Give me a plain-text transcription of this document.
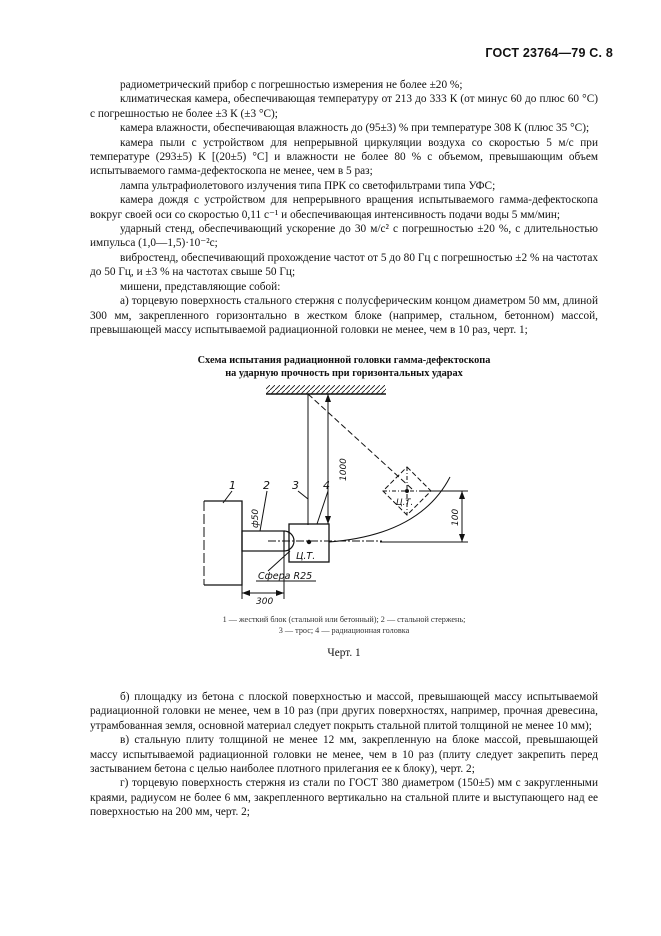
ГОСТ 23764—79 С. 8

радиометрический прибор с погрешностью измерения не более ±20 %;

климатическая камера, обеспечивающая температуру от 213 до 333 К (от минус 60 до плюс 60 °С) с погрешностью не более ±3 К (±3 °С);

камера влажности, обеспечивающая влажность до (95±3) % при температуре 308 К (плюс 35 °С);

камера пыли с устройством для непрерывной циркуляции воздуха со скоростью 5 м/с при температуре (293±5) К [(20±5) °С] и влажности не более 80 % с объемом, превышающим объем испытываемого гамма-дефектоскопа не менее, чем в 5 раз;

лампа ультрафиолетового излучения типа ПРК со светофильтрами типа УФС;

камера дождя с устройством для непрерывного вращения испытываемого гамма-дефектоскопа вокруг своей оси со скоростью 0,11 с⁻¹ и обеспечивающая интенсивность подачи воды 5 мм/мин;

ударный стенд, обеспечивающий ускорение до 30 м/с² с погрешностью ±20 %, с длительностью импульса (1,0—1,5)·10⁻²с;

вибростенд, обеспечивающий прохождение частот от 5 до 80 Гц с погрешностью ±2 % на частотах до 50 Гц, и ±3 % на частотах свыше 50 Гц;

мишени, представляющие собой:

а) торцевую поверхность стального стержня с полусферическим концом диаметром 50 мм, длиной 300 мм, закрепленного горизонтально в жестком блоке (например, стальном, бетонном) массой, превышающей массу испытываемой радиационной головки не менее, чем в 10 раз, черт. 1;

Схема испытания радиационной головки гамма-дефектоскопа
на ударную прочность при горизонтальных ударах
1 2 3 4
1000
100
ф50
Сфера R25
300
Ц.Т.
Ц.Т.

1 — жесткий блок (стальной или бетонный); 2 — стальной стержень;

3 — трос; 4 — радиационная головка

Черт. 1

б) площадку из бетона с плоской поверхностью и массой, превышающей массу испытываемой радиационной головки не менее, чем в 10 раз (при других поверхностях, например, прочная древесина, утрамбованная земля, основной материал следует покрыть стальной плитой толщиной не менее 10 мм);

в) стальную плиту толщиной не менее 12 мм, закрепленную на блоке массой, превышающей массу испытываемой радиационной головки не менее, чем в 10 раз (плиту следует закрепить перед застыванием бетона с целью наиболее плотного прилегания ее к блоку), черт. 2;

г) торцевую поверхность стержня из стали по ГОСТ 380 диаметром (150±5) мм с закругленными краями, радиусом не более 6 мм, закрепленного вертикально на стальной плите и выступающего над ее поверхностью на 200 мм, черт. 2;
